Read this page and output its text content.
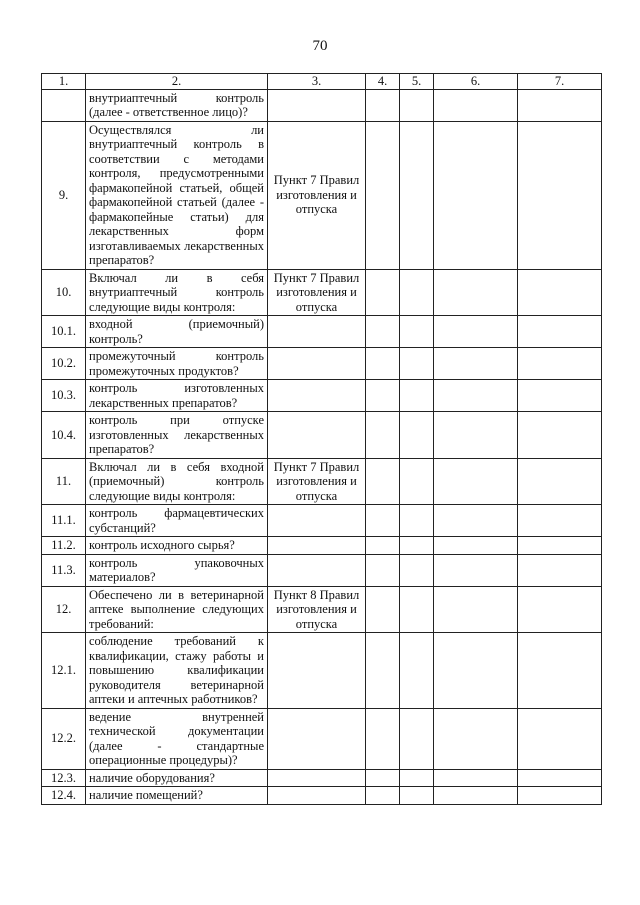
70
1.	2.	3.	4.	5.	6.	7.
	внутриаптечный контроль (далее - ответственное лицо)?					
9.	Осуществлялся ли внутриаптечный контроль в соответствии с методами контроля, предусмотренными фармакопейной статьей, общей фармакопейной статьей (далее - фармакопейные статьи) для лекарственных форм изготавливаемых лекарственных препаратов?	Пункт 7 Правил изготовления и отпуска				
10.	Включал ли в себя внутриаптечный контроль следующие виды контроля:	Пункт 7 Правил изготовления и отпуска				
10.1.	входной (приемочный) контроль?					
10.2.	промежуточный контроль промежуточных продуктов?					
10.3.	контроль изготовленных лекарственных препаратов?					
10.4.	контроль при отпуске изготовленных лекарственных препаратов?					
11.	Включал ли в себя входной (приемочный) контроль следующие виды контроля:	Пункт 7 Правил изготовления и отпуска				
11.1.	контроль фармацевтических субстанций?					
11.2.	контроль исходного сырья?					
11.3.	контроль упаковочных материалов?					
12.	Обеспечено ли в ветеринарной аптеке выполнение следующих требований:	Пункт 8 Правил изготовления и отпуска				
12.1.	соблюдение требований к квалификации, стажу работы и повышению квалификации руководителя ветеринарной аптеки и аптечных работников?					
12.2.	ведение внутренней технической документации (далее - стандартные операционные процедуры)?					
12.3.	наличие оборудования?					
12.4.	наличие помещений?					
